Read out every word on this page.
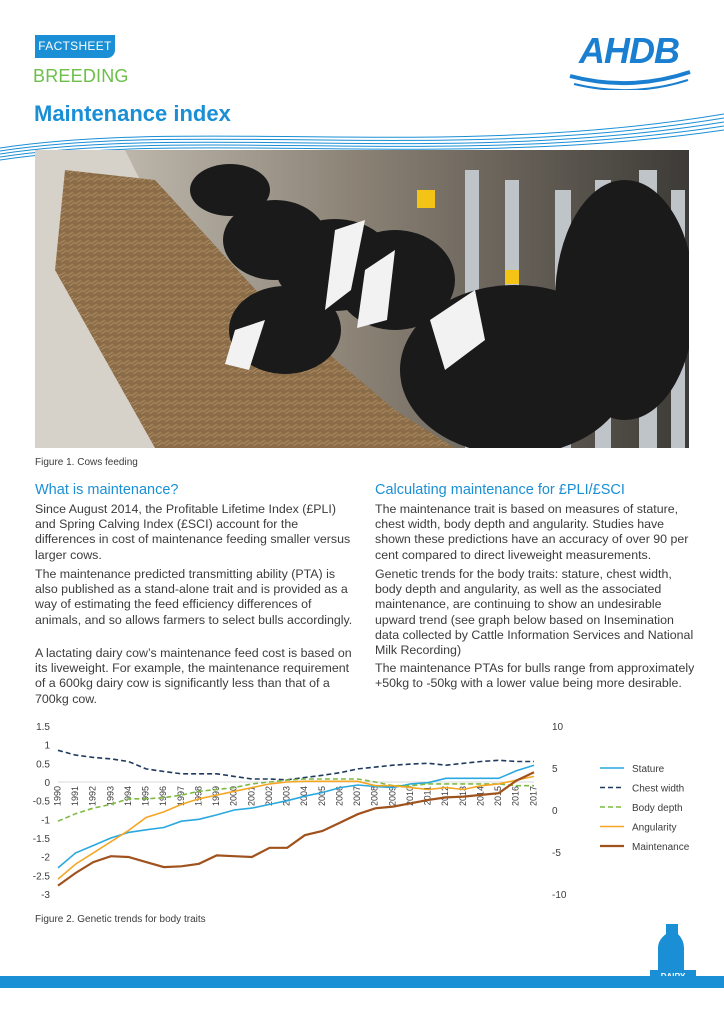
FACTSHEET
BREEDING
Maintenance index
AHDB
Figure 1. Cows feeding
What is maintenance?
Since August 2014, the Profitable Lifetime Index (£PLI) and Spring Calving Index (£SCI) account for the differences in cost of maintenance feeding smaller versus larger cows.
The maintenance predicted transmitting ability (PTA) is also published as a stand-alone trait and is provided as a way of estimating the feed efficiency differences of animals, and so allows farmers to select bulls accordingly.
A lactating dairy cow’s maintenance feed cost is based on its liveweight. For example, the maintenance requirement of a 600kg dairy cow is significantly less than that of a 700kg cow.
Calculating maintenance for £PLI/£SCI
The maintenance trait is based on measures of stature, chest width, body depth and angularity. Studies have shown these predictions have an accuracy of over 90 per cent compared to direct liveweight measurements.
Genetic trends for the body traits: stature, chest width, body depth and angularity, as well as the associated maintenance, are continuing to show an undesirable upward trend (see graph below based on Insemination data collected by Cattle Information Services and National Milk Recording)
The maintenance PTAs for bulls range from approximately +50kg to -50kg with a lower value being more desirable.
1.5
1
0.5
0
-0.5
-1
-1.5
-2
-2.5
-3
10
5
0
-5
-10
1990 1991 1992 1993 1994 1995 1996 1997 1998 1999 2000 2001 2002 2003 2004 2005 2006 2007 2008 2009 2010 2011 2012 2013 2014 2015 2016 2017
Stature
Chest width
Body depth
Angularity
Maintenance
Figure 2. Genetic trends for body traits
